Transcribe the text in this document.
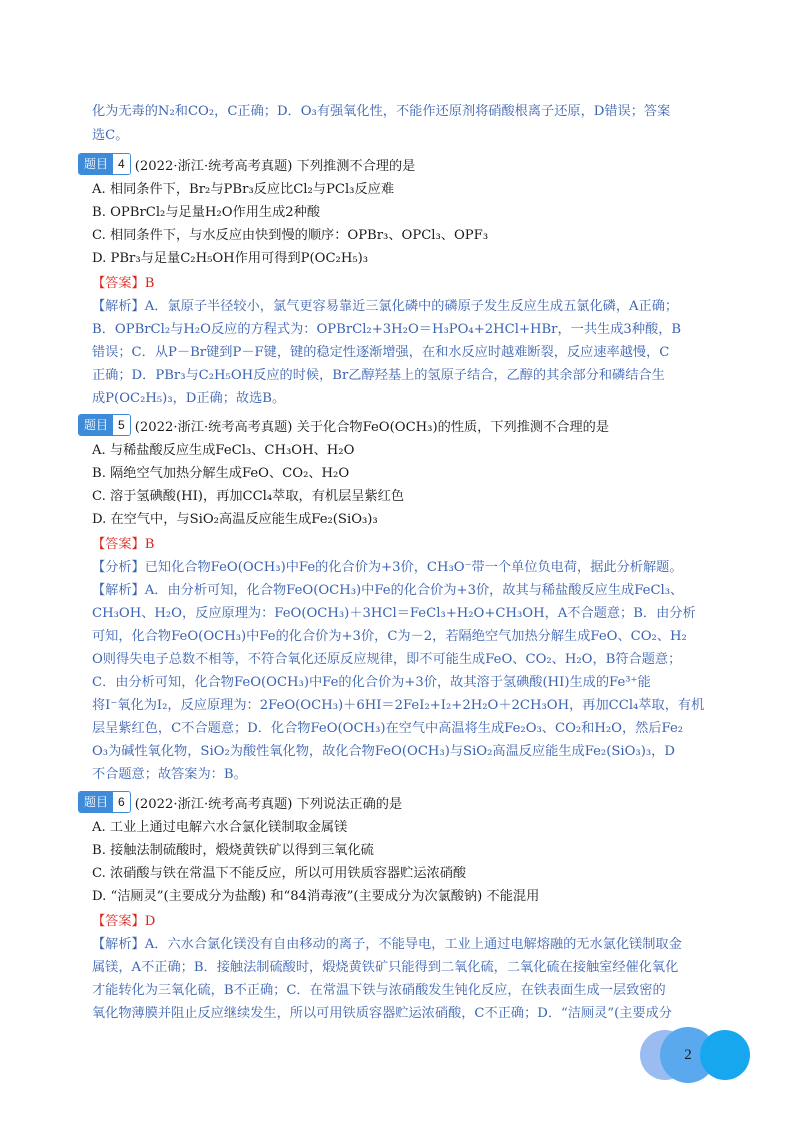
化为无毒的N₂和CO₂，C正确；D．O₃有强氧化性，不能作还原剂将硝酸根离子还原，D错误；答案
选C。
题目 4 (2022·浙江·统考高考真题) 下列推测不合理的是
A. 相同条件下，Br₂与PBr₃反应比Cl₂与PCl₃反应难
B. OPBrCl₂与足量H₂O作用生成2种酸
C. 相同条件下，与水反应由快到慢的顺序：OPBr₃、OPCl₃、OPF₃
D. PBr₃与足量C₂H₅OH作用可得到P(OC₂H₅)₃
【答案】B
【解析】A．氯原子半径较小，氯气更容易靠近三氯化磷中的磷原子发生反应生成五氯化磷，A正确；
B．OPBrCl₂与H₂O反应的方程式为：OPBrCl₂+3H₂O＝H₃PO₄+2HCl+HBr，一共生成3种酸，B
错误；C．从P－Br键到P－F键，键的稳定性逐渐增强，在和水反应时越难断裂，反应速率越慢，C
正确；D．PBr₃与C₂H₅OH反应的时候，Br乙醇羟基上的氢原子结合，乙醇的其余部分和磷结合生
成P(OC₂H₅)₃，D正确；故选B。
题目 5 (2022·浙江·统考高考真题) 关于化合物FeO(OCH₃)的性质，下列推测不合理的是
A. 与稀盐酸反应生成FeCl₃、CH₃OH、H₂O
B. 隔绝空气加热分解生成FeO、CO₂、H₂O
C. 溶于氢碘酸(HI)，再加CCl₄萃取，有机层呈紫红色
D. 在空气中，与SiO₂高温反应能生成Fe₂(SiO₃)₃
【答案】B
【分析】已知化合物FeO(OCH₃)中Fe的化合价为+3价，CH₃O⁻带一个单位负电荷，据此分析解题。
【解析】A．由分析可知，化合物FeO(OCH₃)中Fe的化合价为+3价，故其与稀盐酸反应生成FeCl₃、
CH₃OH、H₂O，反应原理为：FeO(OCH₃)＋3HCl＝FeCl₃+H₂O+CH₃OH，A不合题意；B．由分析
可知，化合物FeO(OCH₃)中Fe的化合价为+3价，C为－2，若隔绝空气加热分解生成FeO、CO₂、H₂
O则得失电子总数不相等，不符合氧化还原反应规律，即不可能生成FeO、CO₂、H₂O，B符合题意；
C．由分析可知，化合物FeO(OCH₃)中Fe的化合价为+3价，故其溶于氢碘酸(HI)生成的Fe³⁺能
将I⁻氧化为I₂，反应原理为：2FeO(OCH₃)＋6HI＝2FeI₂+I₂+2H₂O＋2CH₃OH，再加CCl₄萃取，有机
层呈紫红色，C不合题意；D．化合物FeO(OCH₃)在空气中高温将生成Fe₂O₃、CO₂和H₂O，然后Fe₂
O₃为碱性氧化物，SiO₂为酸性氧化物，故化合物FeO(OCH₃)与SiO₂高温反应能生成Fe₂(SiO₃)₃，D
不合题意；故答案为：B。
题目 6 (2022·浙江·统考高考真题) 下列说法正确的是
A. 工业上通过电解六水合氯化镁制取金属镁
B. 接触法制硫酸时，煅烧黄铁矿以得到三氧化硫
C. 浓硝酸与铁在常温下不能反应，所以可用铁质容器贮运浓硝酸
D. “洁厕灵”(主要成分为盐酸) 和“84消毒液”(主要成分为次氯酸钠) 不能混用
【答案】D
【解析】A．六水合氯化镁没有自由移动的离子，不能导电，工业上通过电解熔融的无水氯化镁制取金
属镁，A不正确；B．接触法制硫酸时，煅烧黄铁矿只能得到二氧化硫，二氧化硫在接触室经催化氧化
才能转化为三氧化硫，B不正确；C．在常温下铁与浓硝酸发生钝化反应，在铁表面生成一层致密的
氧化物薄膜并阻止反应继续发生，所以可用铁质容器贮运浓硝酸，C不正确；D．“洁厕灵”(主要成分
2
